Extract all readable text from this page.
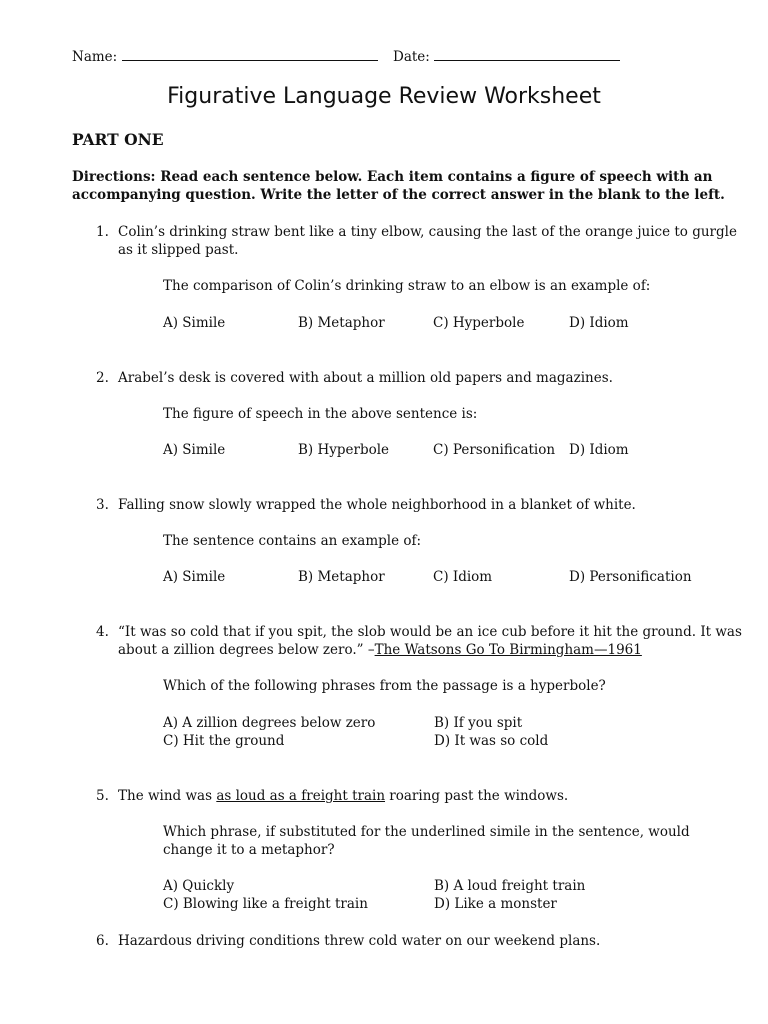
Name:	Date:
Figurative Language Review Worksheet
PART ONE
Directions: Read each sentence below. Each item contains a figure of speech with an
accompanying question. Write the letter of the correct answer in the blank to the left.
1. Colin’s drinking straw bent like a tiny elbow, causing the last of the orange juice to gurgle
as it slipped past.
The comparison of Colin’s drinking straw to an elbow is an example of:
A) Simile	B) Metaphor	C) Hyperbole	D) Idiom
2. Arabel’s desk is covered with about a million old papers and magazines.
The figure of speech in the above sentence is:
A) Simile	B) Hyperbole	C) Personification D) Idiom
3. Falling snow slowly wrapped the whole neighborhood in a blanket of white.
The sentence contains an example of:
A) Simile	B) Metaphor	C) Idiom	D) Personification
4. “It was so cold that if you spit, the slob would be an ice cub before it hit the ground. It was
about a zillion degrees below zero.” –The Watsons Go To Birmingham—1961
Which of the following phrases from the passage is a hyperbole?
A) A zillion degrees below zero	B) If you spit
C) Hit the ground	D) It was so cold
5. The wind was as loud as a freight train roaring past the windows.
Which phrase, if substituted for the underlined simile in the sentence, would
change it to a metaphor?
A) Quickly	B) A loud freight train
C) Blowing like a freight train	D) Like a monster
6. Hazardous driving conditions threw cold water on our weekend plans.
